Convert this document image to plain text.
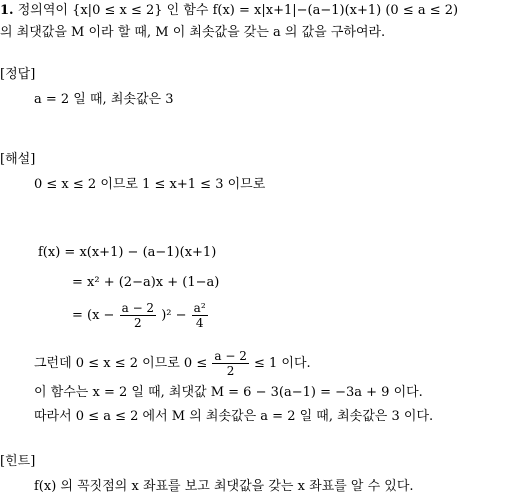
1. 정의역이 {x|0 ≤ x ≤ 2} 인 함수 f(x) = x|x+1|−(a−1)(x+1) (0 ≤ a ≤ 2)
의 최댓값을 M 이라 할 때, M 이 최솟값을 갖는 a 의 값을 구하여라.
[정답]
a = 2 일 때, 최솟값은 3
[해설]
0 ≤ x ≤ 2 이므로 1 ≤ x+1 ≤ 3 이므로
f(x) = x(x+1) − (a−1)(x+1)
= x² + (2−a)x + (1−a)
= $(x - \frac{a - 2}{2} )^2 - \frac{\text{a²}}{4}$
그런데 0 ≤ x ≤ 2 이므로 $0 \le \frac{a - 2}{2} \le 1$ 이다.
이 함수는 x = 2 일 때, 최댓값 M = 6 − 3(a−1) = −3a + 9 이다.
따라서 0 ≤ a ≤ 2 에서 M 의 최솟값은 a = 2 일 때, 최솟값은 3 이다.
[힌트]
f(x) 의 꼭짓점의 x 좌표를 보고 최댓값을 갖는 x 좌표를 알 수 있다.
